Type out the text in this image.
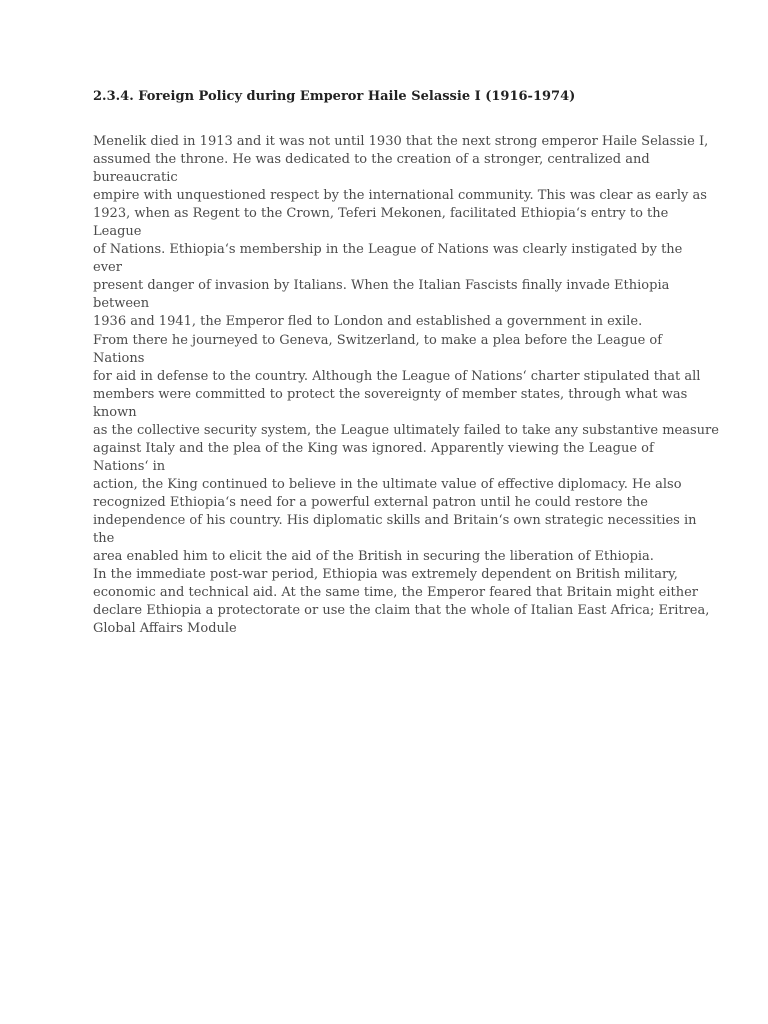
2.3.4. Foreign Policy during Emperor Haile Selassie I (1916-1974)
Menelik died in 1913 and it was not until 1930 that the next strong emperor Haile Selassie I,
assumed the throne. He was dedicated to the creation of a stronger, centralized and
bureaucratic
empire with unquestioned respect by the international community. This was clear as early as
1923, when as Regent to the Crown, Teferi Mekonen, facilitated Ethiopia‘s entry to the
League
of Nations. Ethiopia‘s membership in the League of Nations was clearly instigated by the
ever
present danger of invasion by Italians. When the Italian Fascists finally invade Ethiopia
between
1936 and 1941, the Emperor fled to London and established a government in exile.
From there he journeyed to Geneva, Switzerland, to make a plea before the League of
Nations
for aid in defense to the country. Although the League of Nations‘ charter stipulated that all
members were committed to protect the sovereignty of member states, through what was
known
as the collective security system, the League ultimately failed to take any substantive measure
against Italy and the plea of the King was ignored. Apparently viewing the League of
Nations‘ in
action, the King continued to believe in the ultimate value of effective diplomacy. He also
recognized Ethiopia‘s need for a powerful external patron until he could restore the
independence of his country. His diplomatic skills and Britain‘s own strategic necessities in
the
area enabled him to elicit the aid of the British in securing the liberation of Ethiopia.
In the immediate post-war period, Ethiopia was extremely dependent on British military,
economic and technical aid. At the same time, the Emperor feared that Britain might either
declare Ethiopia a protectorate or use the claim that the whole of Italian East Africa; Eritrea,
Global Affairs Module
